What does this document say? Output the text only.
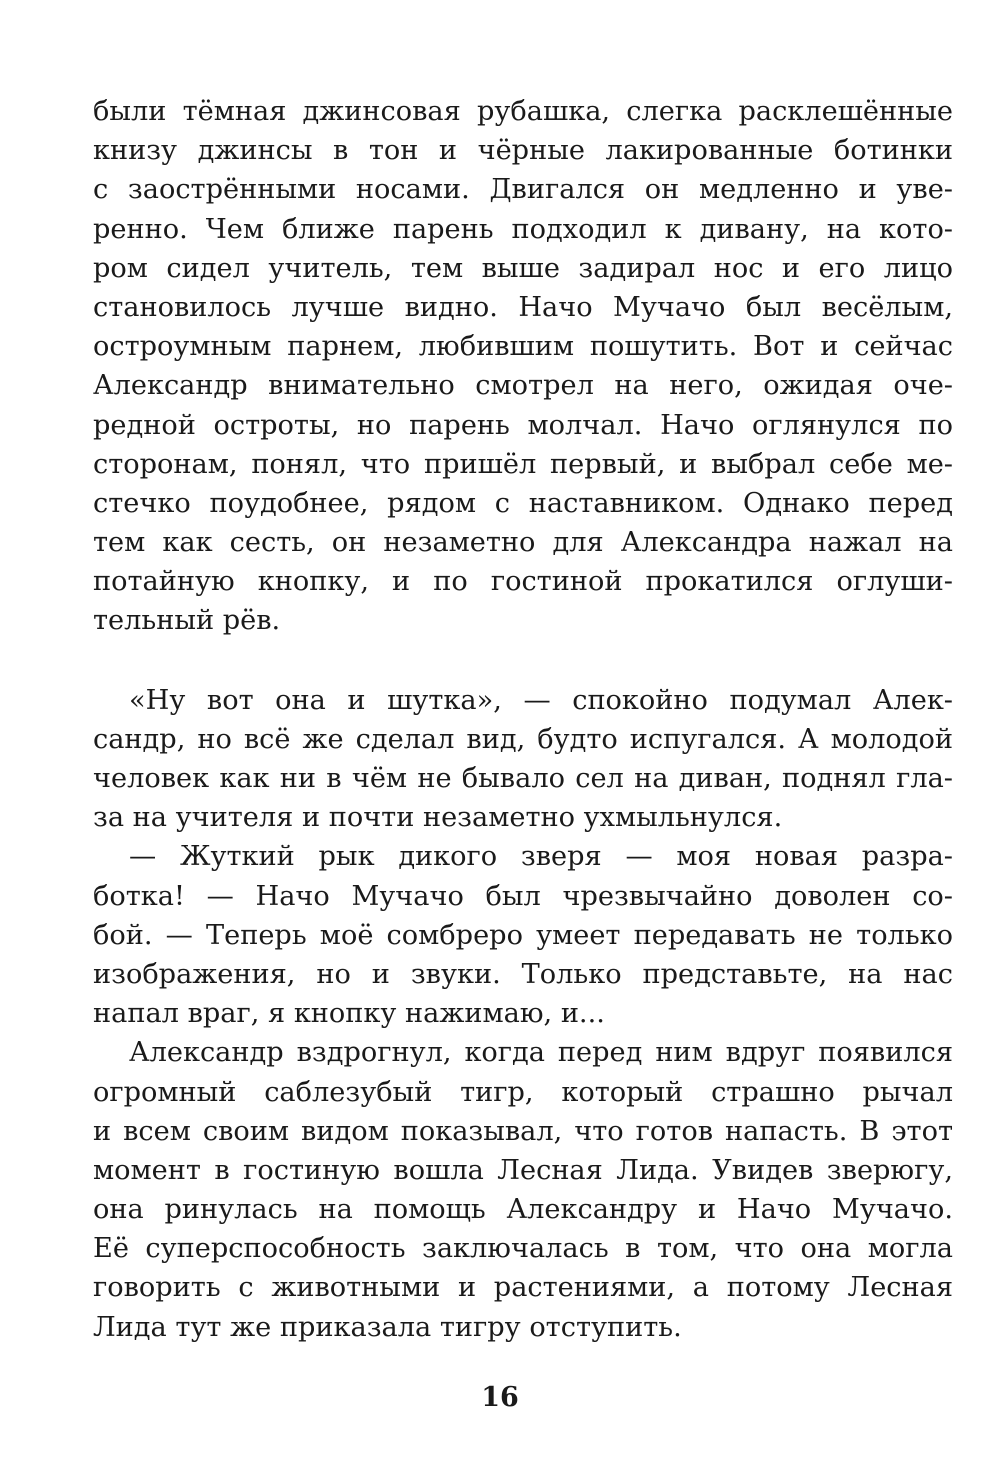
были тёмная джинсовая рубашка, слегка расклешённые
книзу джинсы в тон и чёрные лакированные ботинки
с заострёнными носами. Двигался он медленно и уве-
ренно. Чем ближе парень подходил к дивану, на кото-
ром сидел учитель, тем выше задирал нос и его лицо
становилось лучше видно. Начо Мучачо был весёлым,
остроумным парнем, любившим пошутить. Вот и сейчас
Александр внимательно смотрел на него, ожидая оче-
редной остроты, но парень молчал. Начо оглянулся по
сторонам, понял, что пришёл первый, и выбрал себе ме-
стечко поудобнее, рядом с наставником. Однако перед
тем как сесть, он незаметно для Александра нажал на
потайную кнопку, и по гостиной прокатился оглуши-
тельный рёв.
«Ну вот она и шутка», — спокойно подумал Алек-
сандр, но всё же сделал вид, будто испугался. А молодой
человек как ни в чём не бывало сел на диван, поднял гла-
за на учителя и почти незаметно ухмыльнулся.
— Жуткий рык дикого зверя — моя новая разра-
ботка! — Начо Мучачо был чрезвычайно доволен со-
бой. — Теперь моё сомбреро умеет передавать не только
изображения, но и звуки. Только представьте, на нас
напал враг, я кнопку нажимаю, и...
Александр вздрогнул, когда перед ним вдруг появился
огромный саблезубый тигр, который страшно рычал
и всем своим видом показывал, что готов напасть. В этот
момент в гостиную вошла Лесная Лида. Увидев зверюгу,
она ринулась на помощь Александру и Начо Мучачо.
Её суперспособность заключалась в том, что она могла
говорить с животными и растениями, а потому Лесная
Лида тут же приказала тигру отступить.
16
